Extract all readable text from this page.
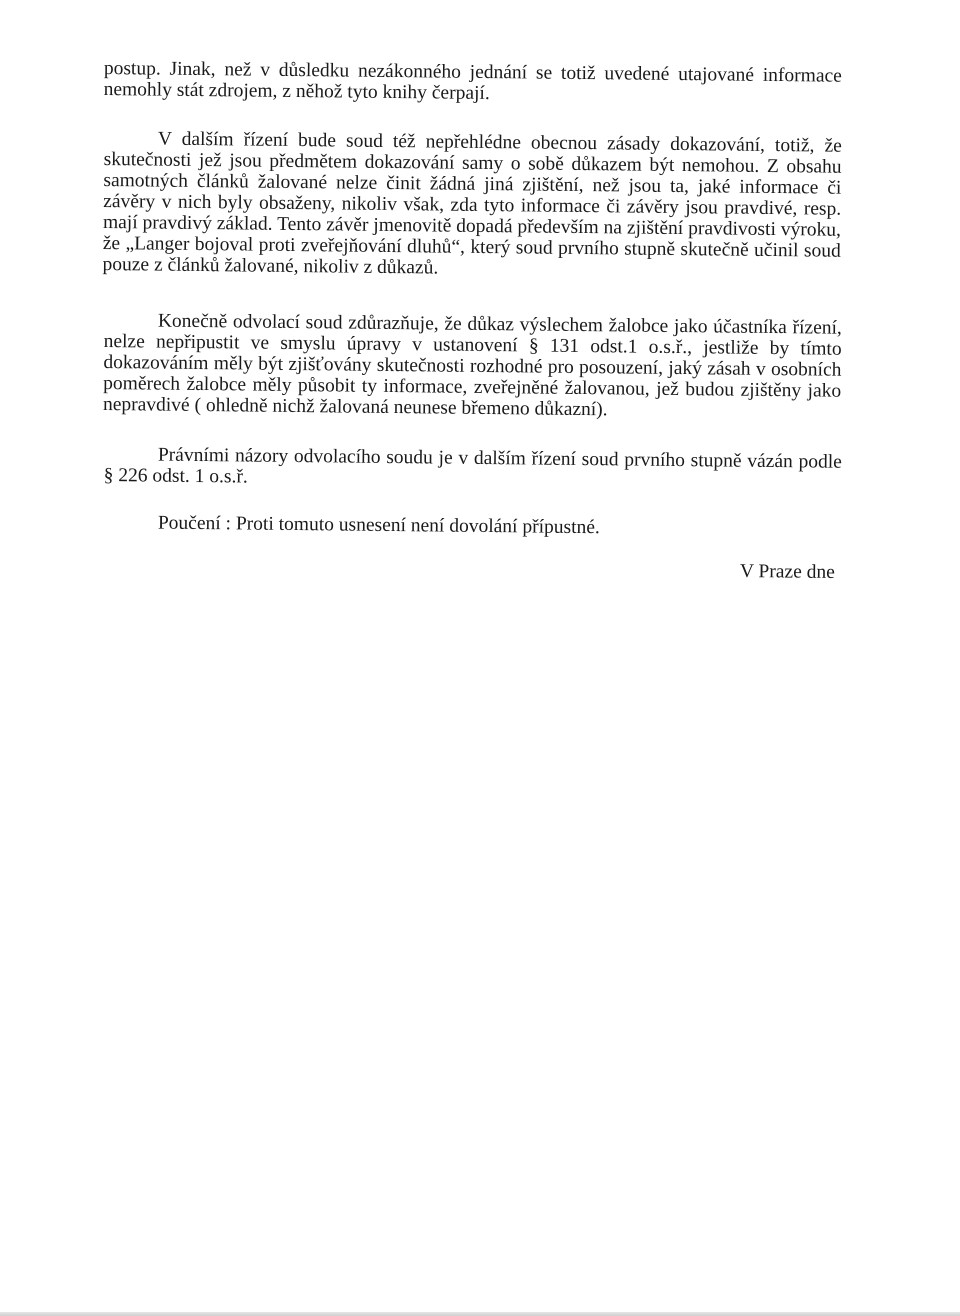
postup. Jinak, než v důsledku nezákonného jednání se totiž uvedené utajované informace nemohly stát zdrojem, z něhož tyto knihy čerpají.

V dalším řízení bude soud též nepřehlédne obecnou zásady dokazování, totiž, že skutečnosti jež jsou předmětem dokazování samy o sobě důkazem být nemohou. Z obsahu samotných článků žalované nelze činit žádná jiná zjištění, než jsou ta, jaké informace či závěry v nich byly obsaženy, nikoliv však, zda tyto informace či závěry jsou pravdivé, resp. mají pravdivý základ. Tento závěr jmenovitě dopadá především na zjištění pravdivosti výroku, že „Langer bojoval proti zveřejňování dluhů“, který soud prvního stupně skutečně učinil soud pouze z článků žalované, nikoliv z důkazů.

Konečně odvolací soud zdůrazňuje, že důkaz výslechem žalobce jako účastníka řízení, nelze nepřipustit ve smyslu úpravy v ustanovení § 131 odst.1 o.s.ř., jestliže by tímto dokazováním měly být zjišťovány skutečnosti rozhodné pro posouzení, jaký zásah v osobních poměrech žalobce měly působit ty informace, zveřejněné žalovanou, jež budou zjištěny jako nepravdivé ( ohledně nichž žalovaná neunese břemeno důkazní).

Právními názory odvolacího soudu je v dalším řízení soud prvního stupně vázán podle § 226 odst. 1 o.s.ř.

Poučení : Proti tomuto usnesení není dovolání přípustné.

V Praze dne
